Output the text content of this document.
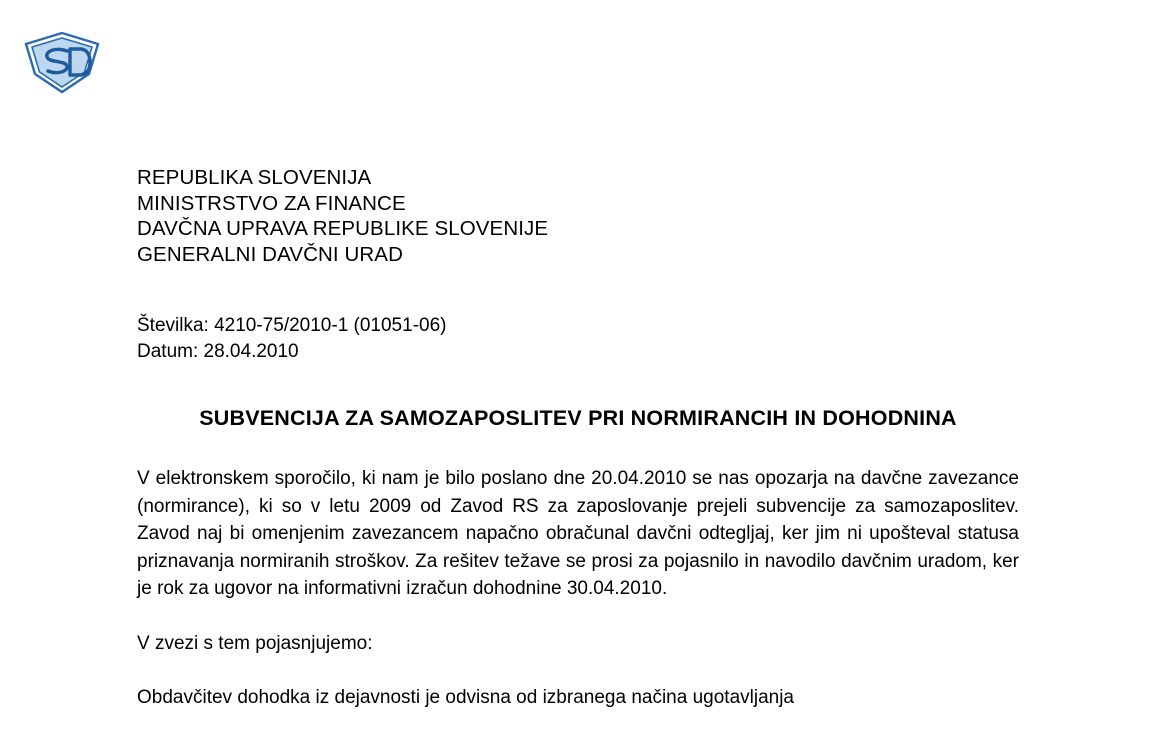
REPUBLIKA SLOVENIJA
MINISTRSTVO ZA FINANCE
DAVČNA UPRAVA REPUBLIKE SLOVENIJE
GENERALNI DAVČNI URAD
Številka: 4210-75/2010-1 (01051-06)
Datum: 28.04.2010
SUBVENCIJA ZA SAMOZAPOSLITEV PRI NORMIRANCIH IN DOHODNINA
V elektronskem sporočilo, ki nam je bilo poslano dne 20.04.2010 se nas opozarja na davčne zavezance (normirance), ki so v letu 2009 od Zavod RS za zaposlovanje prejeli subvencije za samozaposlitev. Zavod naj bi omenjenim zavezancem napačno obračunal davčni odtegljaj, ker jim ni upošteval statusa priznavanja normiranih stroškov. Za rešitev težave se prosi za pojasnilo in navodilo davčnim uradom, ker je rok za ugovor na informativni izračun dohodnine 30.04.2010.
V zvezi s tem pojasnjujemo:
Obdavčitev dohodka iz dejavnosti je odvisna od izbranega načina ugotavljanja
